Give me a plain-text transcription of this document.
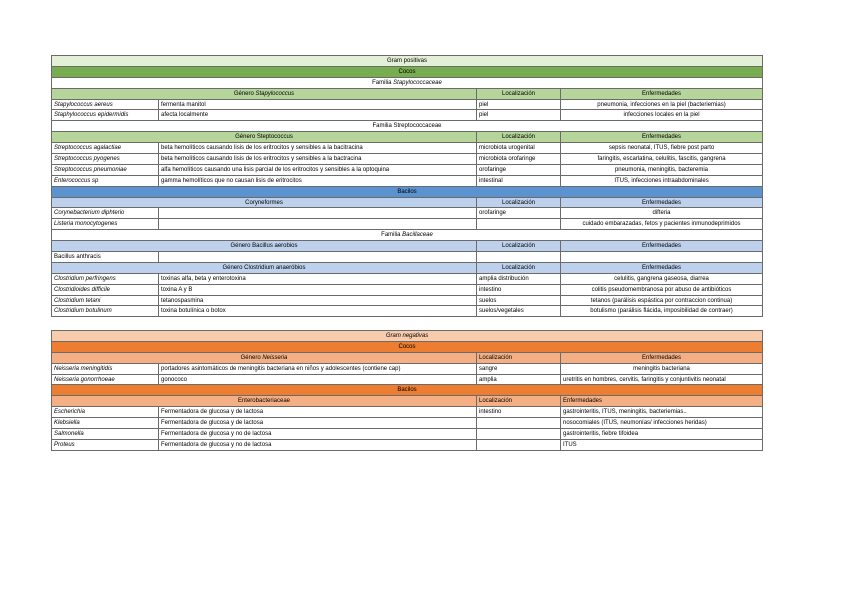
Gram positivas			
Cocos			
Familia Stapylococcaceae			
Género Stapylococcus		Localización	Enfermedades
Stapylococcus aereus	fermenta manitol	piel	pneumonia, infecciones en la piel (bacteriemias)
Staphylococcus epidermidis	afecta localmente	piel	infecciones locales en la piel
Familia Streptococcaceae			
Género Steptococcus		Localización	Enfermedades
Streptococcus agalactiae	beta hemolíticos causando lisis de los eritrocitos y sensibles a la bacitracina	microbiota urogenital	sepsis neonatal, ITUS, fiebre post parto
Streptococcus pyogenes	beta hemolíticos causando lisis de los eritrocitos y sensibles a la bactracina	microbiota orofaringe	faringitis, escarlatina, celulitis, fascitis, gangrena
Streptococcus pneumoniae	alfa hemolíticos causando una lisis parcial de los eritrocitos y sensibles a la optoquina	orofaringe	pneumonia, meningitis, bacteremia
Enterococcus sp	gamma hemolíticos que no causan lisis de eritrocitos	intestinal	ITUS, infecciones intraabdominales
Bacilos			
Coryneformes		Localización	Enfermedades
Corynebacterium diphterio		orofaringe	difteria
Listeria monocytogenes			cuidado embarazadas, fetos y pacientes inmunodeprimidos
Familia Bacillaceae			
Género Bacillus aerobios		Localización	Enfermedades
Bacillus anthracis			
Género Clostridium anaeróbios		Localización	Enfermedades
Clostridium perfringens	toxinas alfa, beta y enterotoxina	amplia distribución	celulitis, gangrena gaseosa, diarrea
Clostridioides difficile	toxina A y B	intestino	colitis pseudomembranosa por abuso de antibióticos
Clostridium tetani	tetanospasmina	suelos	tetanos (parálisis espástica por contraccion continua)
Clostridium botulinum	toxina botulínica o botox	suelos/vegetales	botulismo (parálisis flácida, imposibilidad de contraer)
Gram negativas			
Cocos			
Género Neisseria		Localización	Enfermedades
Neisseria meningitidis	portadores asintomáticos de meningitis bacteriana en niños y adolescentes (contiene cap)	sangre	meningitis bacteriana
Neisseria gonorrhoeae	gonococo	amplia	uretritis en hombres, cervitis, faringitis y conjuntivitis neonatal
Bacilos			
Enterobacteriaceae		Localización	Enfermedades
Escherichia	Fermentadora de glucosa y de lactosa	intestino	gastrointeritis, ITUS, meningitis, bacteriemias..
Klebsiella	Fermentadora de glucosa y de lactosa		nosocomiales (ITUS, neumonías/ infecciones heridas)
Salmonella	Fermentadora de glucosa y no de lactosa		gastrointeritis, fiebre tifoidea
Proteus	Fermentadora de glucosa y no de lactosa		ITUS
